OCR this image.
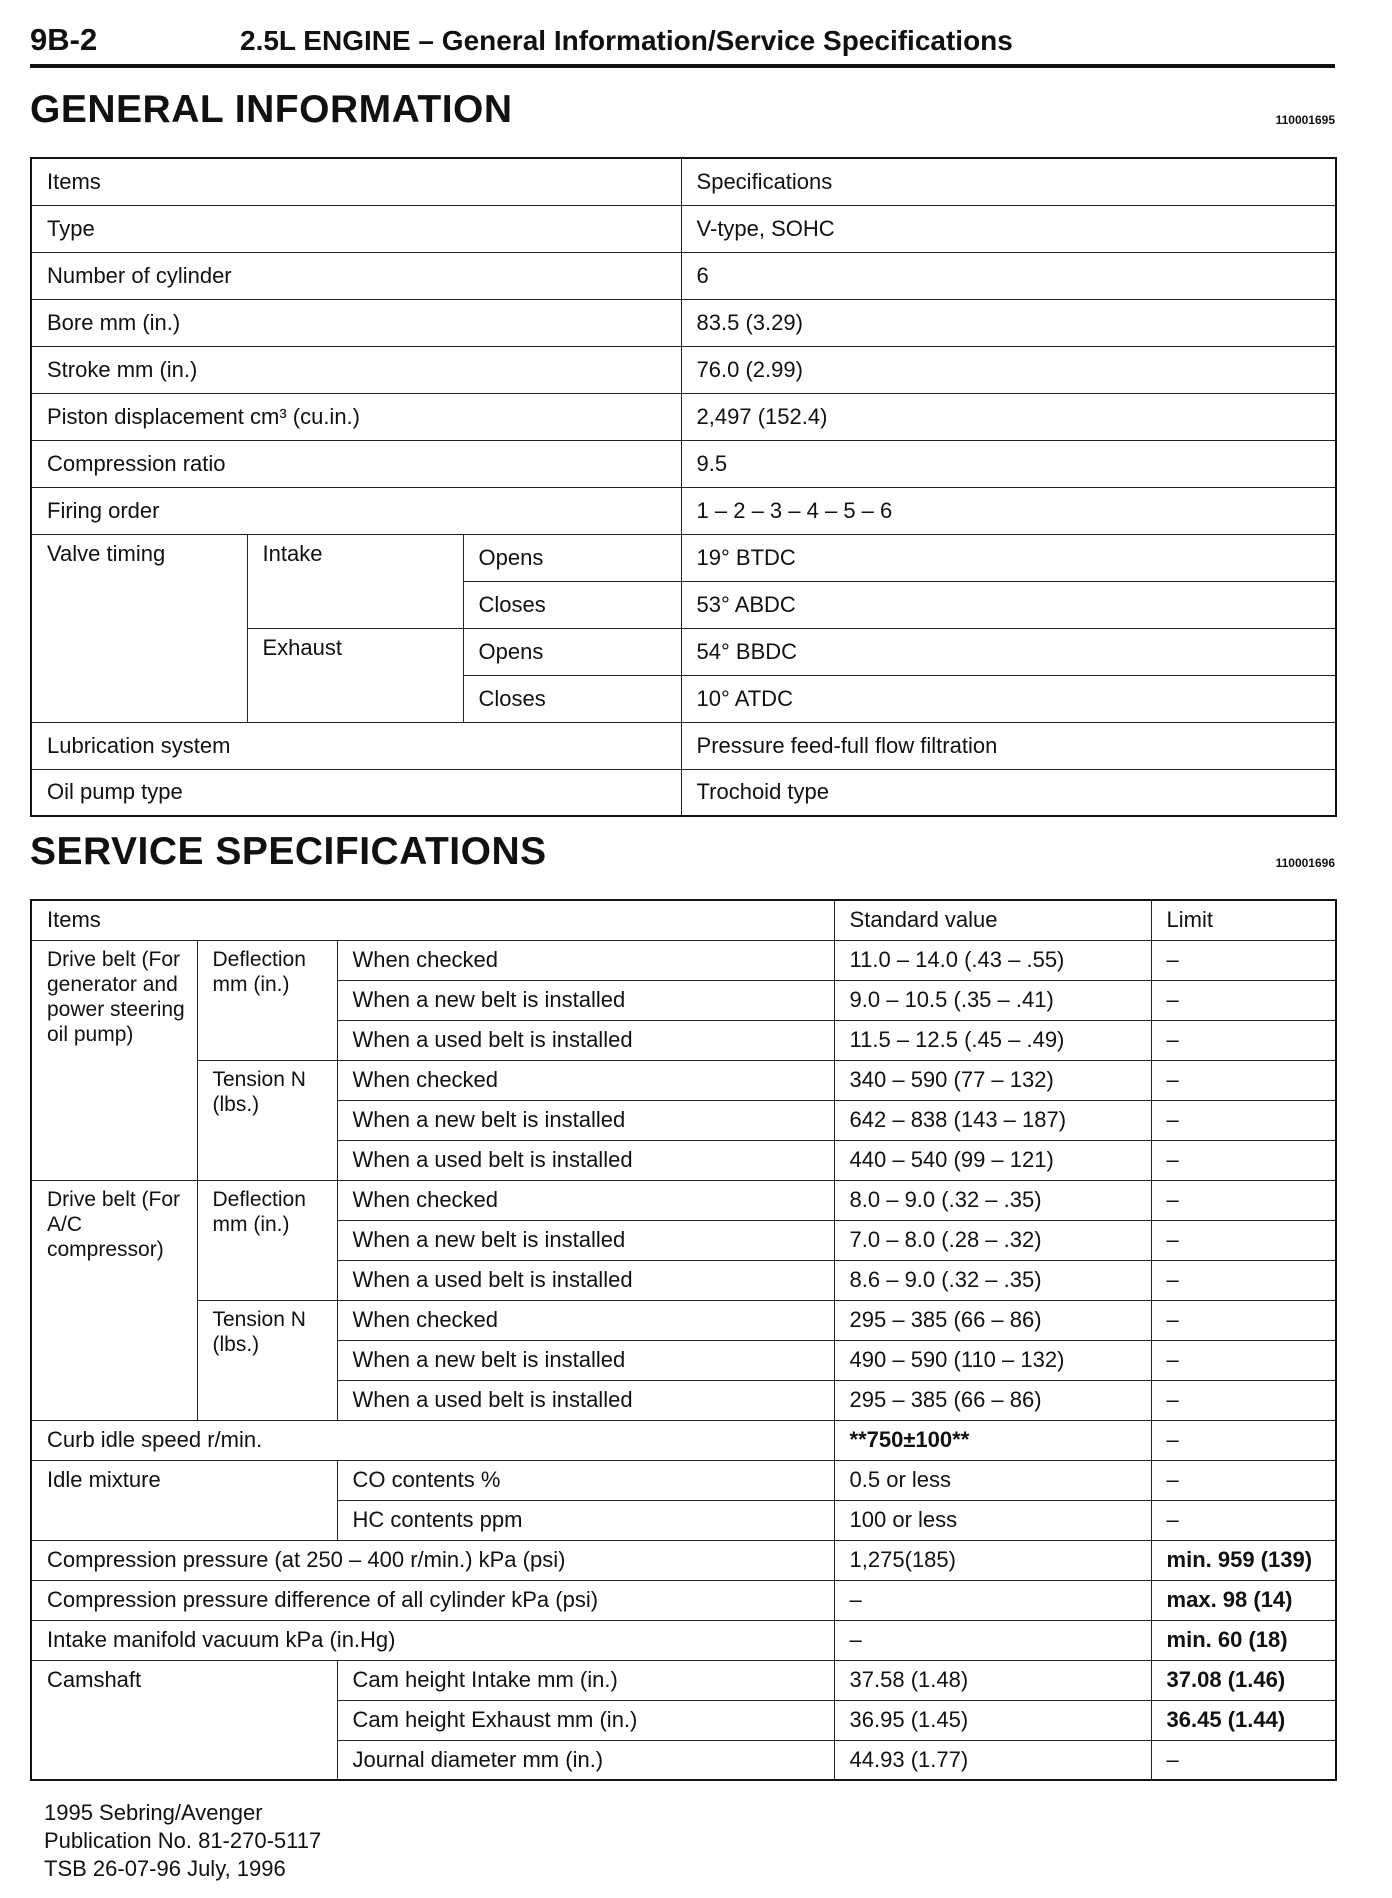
9B-2	2.5L ENGINE – General Information/Service Specifications
GENERAL INFORMATION	110001695
Items			Specifications
Type			V-type, SOHC
Number of cylinder			6
Bore mm (in.)			83.5 (3.29)
Stroke mm (in.)			76.0 (2.99)
Piston displacement cm³ (cu.in.)			2,497 (152.4)
Compression ratio			9.5
Firing order			1 – 2 – 3 – 4 – 5 – 6
Valve timing	Intake	Opens	19° BTDC
		Closes	53° ABDC
	Exhaust	Opens	54° BBDC
		Closes	10° ATDC
Lubrication system			Pressure feed-full flow filtration
Oil pump type			Trochoid type
SERVICE SPECIFICATIONS	110001696
Items			Standard value	Limit
Drive belt (For generator and power steering oil pump)	Deflection mm (in.)	When checked	11.0 – 14.0 (.43 – .55)	–
		When a new belt is installed	9.0 – 10.5 (.35 – .41)	–
		When a used belt is installed	11.5 – 12.5 (.45 – .49)	–
	Tension N (lbs.)	When checked	340 – 590 (77 – 132)	–
		When a new belt is installed	642 – 838 (143 – 187)	–
		When a used belt is installed	440 – 540 (99 – 121)	–
Drive belt (For A/C compressor)	Deflection mm (in.)	When checked	8.0 – 9.0 (.32 – .35)	–
		When a new belt is installed	7.0 – 8.0 (.28 – .32)	–
		When a used belt is installed	8.6 – 9.0 (.32 – .35)	–
	Tension N (lbs.)	When checked	295 – 385 (66 – 86)	–
		When a new belt is installed	490 – 590 (110 – 132)	–
		When a used belt is installed	295 – 385 (66 – 86)	–
Curb idle speed r/min.			**750±100**	–
Idle mixture		CO contents %	0.5 or less	–
		HC contents ppm	100 or less	–
Compression pressure (at 250 – 400 r/min.) kPa (psi)			1,275(185)	min. 959 (139)
Compression pressure difference of all cylinder kPa (psi)			–	max. 98 (14)
Intake manifold vacuum kPa (in.Hg)			–	min. 60 (18)
Camshaft		Cam height Intake mm (in.)	37.58 (1.48)	37.08 (1.46)
		Cam height Exhaust mm (in.)	36.95 (1.45)	36.45 (1.44)
		Journal diameter mm (in.)	44.93 (1.77)	–
1995 Sebring/Avenger
Publication No. 81-270-5117
TSB 26-07-96 July, 1996
